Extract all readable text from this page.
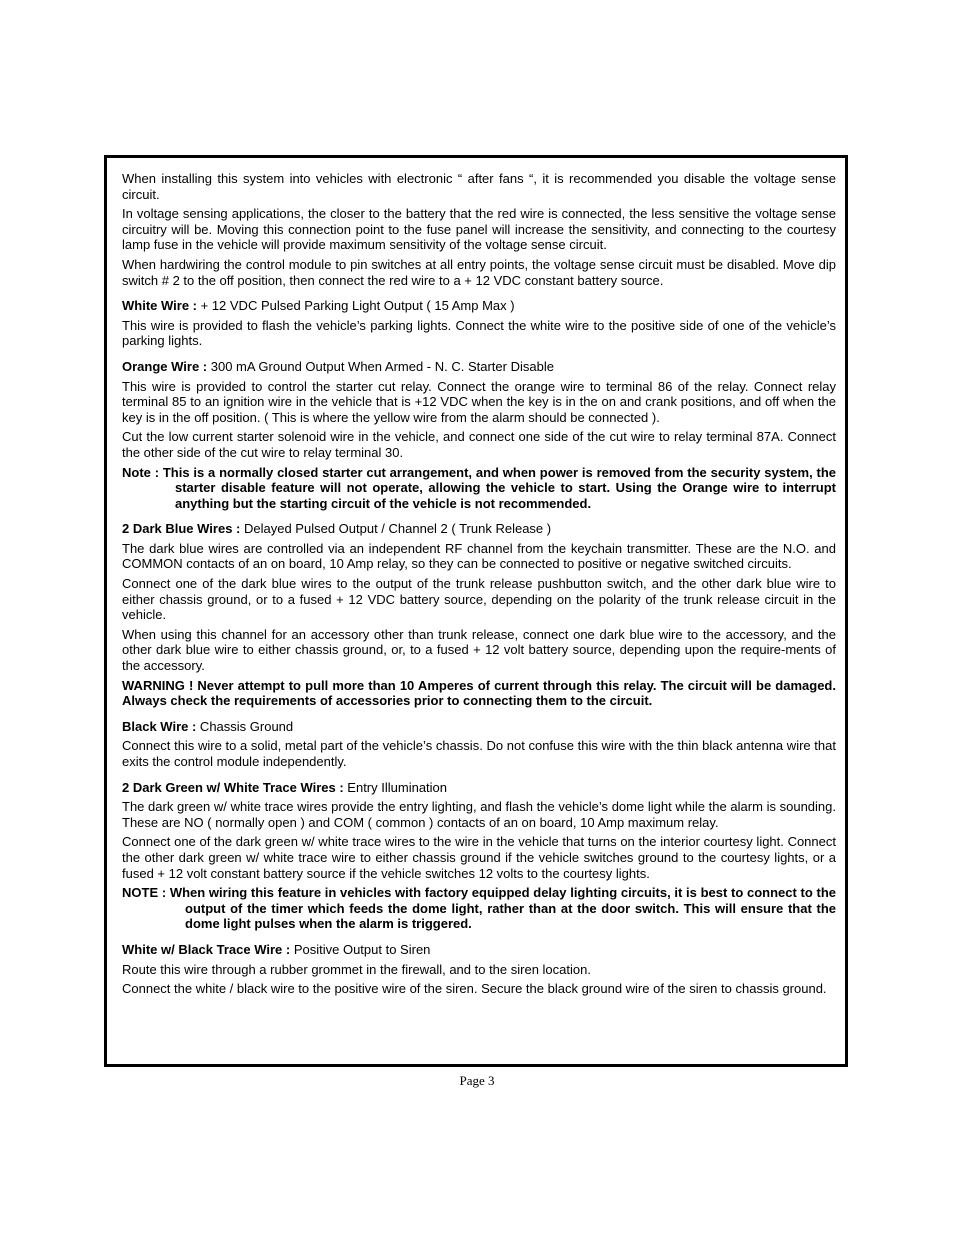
When installing this system into vehicles with electronic “ after fans “, it is recommended you disable the voltage sense circuit.

In voltage sensing applications, the closer to the battery that the red wire is connected, the less sensitive the voltage sense circuitry will be. Moving this connection point to the fuse panel will increase the sensitivity, and connecting to the courtesy lamp fuse in the vehicle will provide maximum sensitivity of the voltage sense circuit.

When hardwiring the control module to pin switches at all entry points, the voltage sense circuit must be disabled. Move dip switch # 2 to the off position, then connect the red wire to a + 12 VDC constant battery source.

White Wire : + 12 VDC Pulsed Parking Light Output ( 15 Amp Max )

This wire is provided to flash the vehicle’s parking lights. Connect the white wire to the positive side of one of the vehicle’s parking lights.

Orange Wire : 300 mA Ground Output When Armed - N. C. Starter Disable

This wire is provided to control the starter cut relay. Connect the orange wire to terminal 86 of the relay. Connect relay terminal 85 to an ignition wire in the vehicle that is +12 VDC when the key is in the on and crank positions, and off when the key is in the off position. ( This is where the yellow wire from the alarm should be connected ).

Cut the low current starter solenoid wire in the vehicle, and connect one side of the cut wire to relay terminal 87A. Connect the other side of the cut wire to relay terminal 30.

Note : This is a normally closed starter cut arrangement, and when power is removed from the security system, the starter disable feature will not operate, allowing the vehicle to start. Using the Orange wire to interrupt anything but the starting circuit of the vehicle is not recommended.

2 Dark Blue Wires : Delayed Pulsed Output / Channel 2 ( Trunk Release )

The dark blue wires are controlled via an independent RF channel from the keychain transmitter. These are the N.O. and COMMON contacts of an on board, 10 Amp relay, so they can be connected to positive or negative switched circuits.

Connect one of the dark blue wires to the output of the trunk release pushbutton switch, and the other dark blue wire to either chassis ground, or to a fused + 12 VDC battery source, depending on the polarity of the trunk release circuit in the vehicle.

When using this channel for an accessory other than trunk release, connect one dark blue wire to the accessory, and the other dark blue wire to either chassis ground, or, to a fused + 12 volt battery source, depending upon the require-ments of the accessory.

WARNING ! Never attempt to pull more than 10 Amperes of current through this relay. The circuit will be damaged. Always check the requirements of accessories prior to connecting them to the circuit.

Black Wire : Chassis Ground

Connect this wire to a solid, metal part of the vehicle’s chassis. Do not confuse this wire with the thin black antenna wire that exits the control module independently.

2 Dark Green w/ White Trace Wires : Entry Illumination

The dark green w/ white trace wires provide the entry lighting, and flash the vehicle’s dome light while the alarm is sounding. These are NO ( normally open ) and COM ( common ) contacts of an on board, 10 Amp maximum relay.

Connect one of the dark green w/ white trace wires to the wire in the vehicle that turns on the interior courtesy light. Connect the other dark green w/ white trace wire to either chassis ground if the vehicle switches ground to the courtesy lights, or a fused + 12 volt constant battery source if the vehicle switches 12 volts to the courtesy lights.

NOTE : When wiring this feature in vehicles with factory equipped delay lighting circuits, it is best to connect to the output of the timer which feeds the dome light, rather than at the door switch. This will ensure that the dome light pulses when the alarm is triggered.

White w/ Black Trace Wire : Positive Output to Siren

Route this wire through a rubber grommet in the firewall, and to the siren location.

Connect the white / black wire to the positive wire of the siren. Secure the black ground wire of the siren to chassis ground.

Page 3
